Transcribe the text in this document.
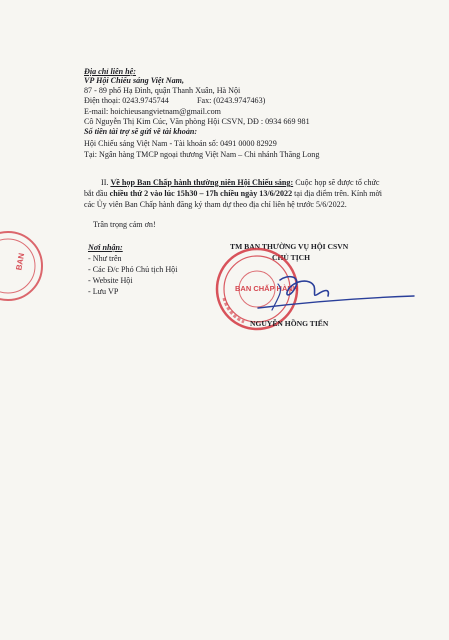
Địa chỉ liên hệ:
VP Hội Chiếu sáng Việt Nam,
87 - 89 phố Hạ Đình, quận Thanh Xuân, Hà Nội
Điện thoại: 0243.9745744	Fax: (0243.9747463)
E-mail: hoichieusangvietnam@gmail.com
Cô Nguyễn Thị Kim Cúc, Văn phòng Hội CSVN, DĐ : 0934 669 981
Số tiền tài trợ sẽ gửi về tài khoản:
Hội Chiếu sáng Việt Nam - Tài khoản số: 0491 0000 82929
Tại: Ngân hàng TMCP ngoại thương Việt Nam – Chi nhánh Thăng Long
II. Về họp Ban Chấp hành thường niên Hội Chiếu sáng: Cuộc họp sẽ được tổ chức
bắt đầu chiều thứ 2 vào lúc 15h30 – 17h chiều ngày 13/6/2022 tại địa điểm trên. Kính mời
các Ủy viên Ban Chấp hành đăng ký tham dự theo địa chỉ liên hệ trước 5/6/2022.
Trân trọng cảm ơn!
Nơi nhận:
- Như trên
- Các Đ/c Phó Chủ tịch Hội
- Website Hội
- Lưu VP
TM BAN THƯỜNG VỤ HỘI CSVN
CHỦ TỊCH
BAN CHẤP HÀNH
NGUYỄN HỒNG TIẾN
BAN
